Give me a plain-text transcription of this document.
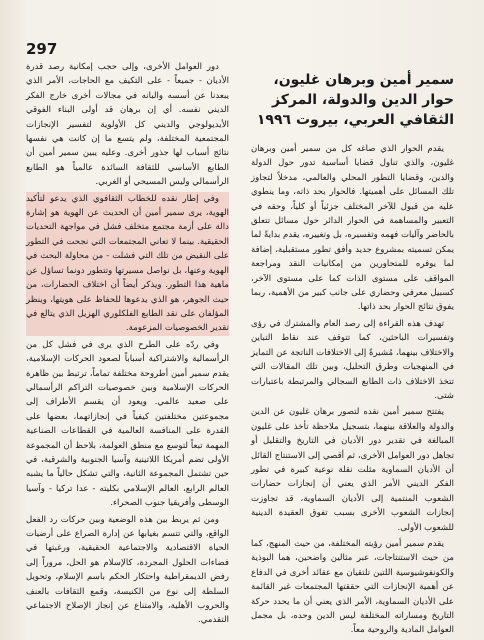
297
سمير أمين وبرهان غليون، حوار الدين والدولة، المركز الثقافي العربي، بيروت ١٩٩٦

يقدم الحوار الذي صاغه كل من سمير أمين وبرهان غليون، والذي تناول قضايا أساسية تدور حول الدولة والدين، وقضايا التطور المحلي والعالمي، مدخلاً لتجاوز تلك المسائل على أهميتها. فالحوار بحد ذاته، وما ينطوي عليه من قبول للآخر المختلف جزئياً أو كلياً، وحقه في التعبير والمساهمة في الحوار الدائر حول مسائل تتعلق بالحاضر وآليات فهمه وتفسيره، بل وتغييره، يقدم بدايةً لما يمكن تسميته بمشروع جديد وأفق تطور مستقبلية، إضافة لما يوفره للمتحاورين من إمكانيات النقد ومراجعة المواقف على مستوى الذات كما على مستوى الآخر، كسبيل معرفي وحضاري على جانب كبير من الأهمية، ربما يفوق نتائج الحوار بحد ذاتها.

تهدف هذه القراءة إلى رصد العام والمشترك في رؤى وتفسيرات الباحثين، كما تتوقف عند نقاط التباين والاختلاف بينهما، مُشيرةً إلى الاختلافات الناتجة عن التمايز في المنهجيات وطرق التحليل، وبين تلك المقالات التي تتخذ الاختلاف ذات الطابع السجالي والمرتبطة باعتبارات شتى.

يفتتح سمير أمين نقده لتصور برهان غليون عن الدين والدولة والعلاقة بينهما، بتسجيل ملاحظة تأخذ على غليون المبالغة في تقدير دور الأديان في التاريخ والتقليل أو تجاهل دور العوامل الأخرى، ثم أقصي إلى الاستنتاج القائل أن الأديان السماوية مثلت نقلة نوعية كبيرة في تطور الفكر الديني الأمر الذي يعني أن إنجازات حضارات الشعوب المنتمية إلى الأديان السماوية، قد تجاوزت إنجازات الشعوب الأخرى بسبب تفوق العقيدة الدينية للشعوب الأولى.

يقدم سمير أمين رؤيته المختلفة، من حيث المنهج، كما من حيث الاستنتاجات، عبر مثالين واضحين، هما البوذية والكونفوشيوسية اللتين تلتقيان مع عقائد أخرى في الدفاع عن أهمية الإنجازات التي حققتها المجتمعات غير القائمة على الأديان السماوية، الأمر الذي يعني أن ما يحدد حركة التاريخ ومساراته المختلفة ليس الدين وحده، بل مجمل العوامل المادية والروحية معاً.

دور العوامل الأخرى، وإلى حجب إمكانية رصد قدرة الأديان - جميعاً - على التكيف مع الحاجات، الأمر الذي يبعدنا عن أسسه والبانه في مجالات أخرى خارج الفكر الديني نفسه. أي إن برهان قد أولى البناء الفوقي الأيديولوجي والديني كل الأولوية لتفسير الإنجازات المجتمعية المختلفة، ولم يتسع ما إن كانت هي نفسها نتائج أسباب لها جذور أخرى. وعليه يبين سمير أمين أن الطابع الأساسي للثقافة السائدة عالمياً هو الطابع الرأسمالي وليس المسيحي أو الغربي.

وفي إطار نقده للخطاب الثقافوي الذي يدعو لتأكيد الهوية، يرى سمير أمين أن الحديث عن الهوية هو إشارة دالة على أزمة مجتمع متخلف فشل في مواجهة التحديات الحقيقية. بينما لا تعاني المجتمعات التي نجحت في التطور على النقيض من تلك التي فشلت - من محاولة البحث في الهوية وعنها، بل نواصل مسيرتها وتتطور دونما تساؤل عن ماهية هذا التطور. ويذكر أيضاً أن اختلاف الحضارات، من حيث الجوهر، هو الذي يدعوها للحفاظ على هويتها، وينظر المؤلفان على نقد الطابع الفلكلوري الهزيل الذي يتالع في تقدير الخصوصيات المزعومة.

وفي ردّه على الطرح الذي يرى في فشل كل من الرأسمالية والاشتراكية أسباباً لصعود الحركات الإسلامية، يقدم سمير أمين أطروحة مختلفة تماماً، ترتبط بين ظاهرة الحركات الإسلامية وبين خصوصيات التراكم الرأسمالي على صعيد عالمي. ويعود أن يقسم الأطراف إلى مجموعتين مختلفتين كيفياً في إنجازاتهما، بعضها على القدرة على المنافسة العالمية في القطاعات الصناعية المهمة تبعاً لتوسع مع منطق العولمة، بلاحظ أن المجموعة الأولى تضم أمريكا اللاتينية وآسيا الجنوبية والشرقية، في حين تشتمل المجموعة الثانية، والتي تشكل حالياً ما يشبه العالم الرابع، العالم الإسلامي بكليته - عدا تركيا - وآسيا الوسطى وأفريقيا جنوب الصحراء.

ومن ثم يربط بين هذه الوضعية وبين حركات رد الفعل الواقع، والتي تتسم بغيابها عن إدارة الصراع على أرضيات الحياة الاقتصادية والاجتماعية الحقيقية، ورغبتها في فضاءات الحلول المجردة، كالإسلام هو الحل، مروراً إلى رفض الديمقراطية واحتكار الحكم باسم الإسلام، وتحويل السلطة إلى نوع من الكنيسة، وقمع الثقافات بالعنف والحروب الأهلية، والامتناع عن إنجاز الإصلاح الاجتماعي التقدمي.
